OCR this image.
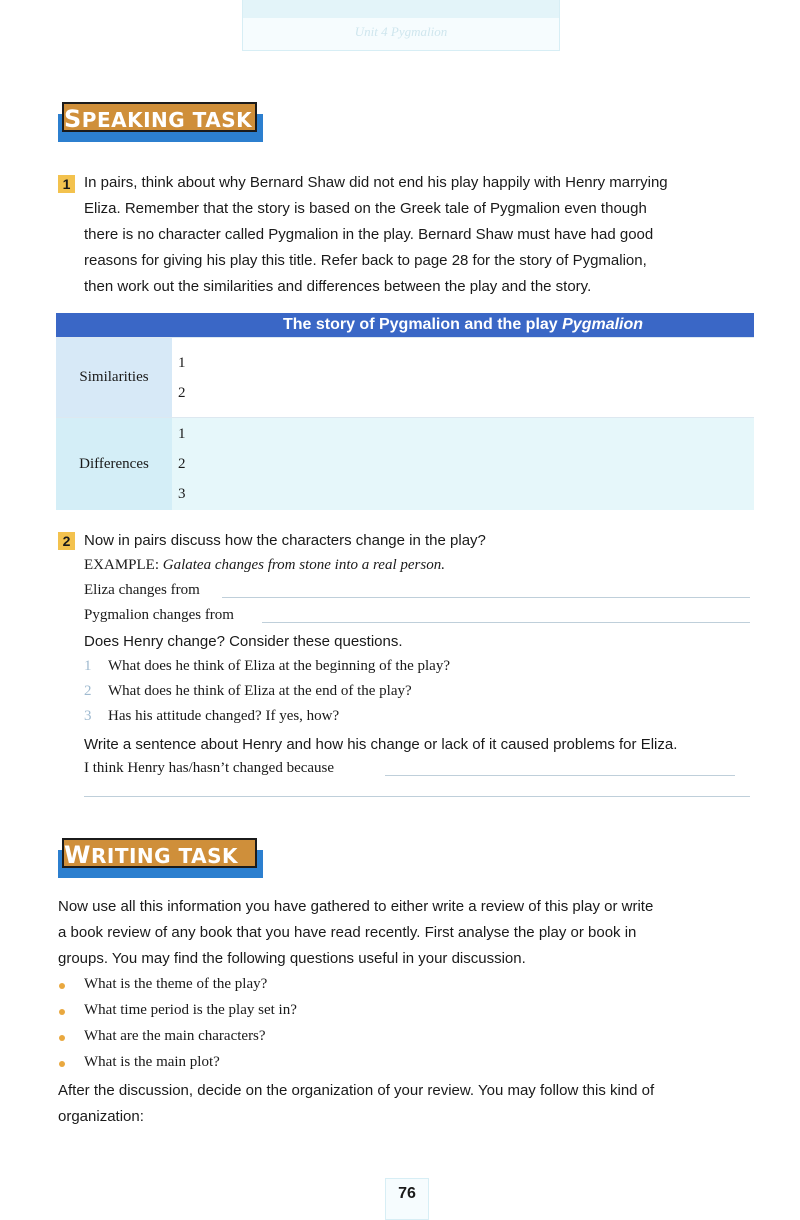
Unit 4 Pygmalion
SPEAKING TASK
1 In pairs, think about why Bernard Shaw did not end his play happily with Henry marrying
Eliza. Remember that the story is based on the Greek tale of Pygmalion even though
there is no character called Pygmalion in the play. Bernard Shaw must have had good
reasons for giving his play this title. Refer back to page 28 for the story of Pygmalion,
then work out the similarities and differences between the play and the story.
	The story of Pygmalion and the play Pygmalion	
Similarities	1
2	

Differences	1
2
3	

2 Now in pairs discuss how the characters change in the play?
EXAMPLE: Galatea changes from stone into a real person.
Eliza changes from
Pygmalion changes from
Does Henry change? Consider these questions.
1 What does he think of Eliza at the beginning of the play?
2 What does he think of Eliza at the end of the play?
3 Has his attitude changed? If yes, how?
Write a sentence about Henry and how his change or lack of it caused problems for Eliza.
I think Henry has/hasn’t changed because
WRITING TASK
Now use all this information you have gathered to either write a review of this play or write
a book review of any book that you have read recently. First analyse the play or book in
groups. You may find the following questions useful in your discussion.
What is the theme of the play?
What time period is the play set in?
What are the main characters?
What is the main plot?
After the discussion, decide on the organization of your review. You may follow this kind of
organization:
76
